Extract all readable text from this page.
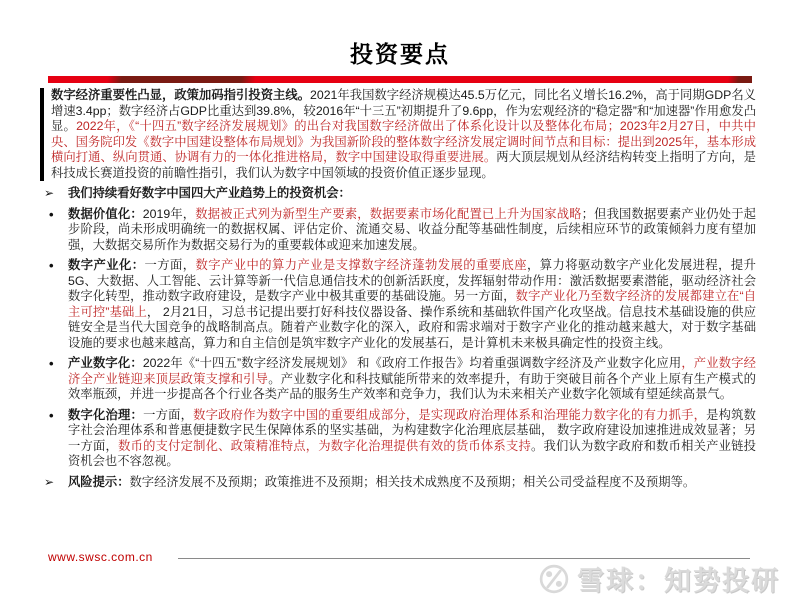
投资要点
数字经济重要性凸显，政策加码指引投资主线。2021年我国数字经济规模达45.5万亿元，同比名义增长16.2%，高于同期GDP名义增速3.4pp；数字经济占GDP比重达到39.8%，较2016年“十三五”初期提升了9.6pp，作为宏观经济的“稳定器”和“加速器”作用愈发凸显。2022年，《“十四五”数字经济发展规划》的出台对我国数字经济做出了体系化设计以及整体化布局；2023年2月27日，中共中央、国务院印发《数字中国建设整体布局规划》为我国新阶段的整体数字经济发展定调时间节点和目标：提出到2025年，基本形成横向打通、纵向贯通、协调有力的一体化推进格局，数字中国建设取得重要进展。两大顶层规划从经济结构转变上指明了方向，是科技成长赛道投资的前瞻性指引，我们认为数字中国领域的投资价值正逐步显现。
➢	我们持续看好数字中国四大产业趋势上的投资机会：
•	数据价值化：2019年，数据被正式列为新型生产要素，数据要素市场化配置已上升为国家战略；但我国数据要素产业仍处于起步阶段，尚未形成明确统一的数据权属、评估定价、流通交易、收益分配等基础性制度，后续相应环节的政策倾斜力度有望加强，大数据交易所作为数据交易行为的重要载体或迎来加速发展。
•	数字产业化：一方面，数字产业中的算力产业是支撑数字经济蓬勃发展的重要底座，算力将驱动数字产业化发展进程，提升5G、大数据、人工智能、云计算等新一代信息通信技术的创新活跃度，发挥辐射带动作用：激活数据要素潜能，驱动经济社会数字化转型，推动数字政府建设，是数字产业中极其重要的基础设施。另一方面，数字产业化乃至数字经济的发展都建立在“自主可控”基础上， 2月21日，习总书记提出要打好科技仪器设备、操作系统和基础软件国产化攻坚战。信息技术基础设施的供应链安全是当代大国竞争的战略制高点。随着产业数字化的深入，政府和需求端对于数字产业化的推动越来越大，对于数字基础设施的要求也越来越高，算力和自主信创是筑牢数字产业化的发展基石，是计算机未来极具确定性的投资主线。
•	产业数字化：2022年《“十四五”数字经济发展规划》 和《政府工作报告》均着重强调数字经济及产业数字化应用，产业数字经济全产业链迎来顶层政策支撑和引导。产业数字化和科技赋能所带来的效率提升，有助于突破目前各个产业上原有生产模式的效率瓶颈，并进一步提高各个行业各类产品的服务生产效率和竞争力，我们认为未来相关产业数字化领域有望延续高景气。
•	数字化治理：一方面，数字政府作为数字中国的重要组成部分，是实现政府治理体系和治理能力数字化的有力抓手，是构筑数字社会治理体系和普惠便捷数字民生保障体系的坚实基础，为构建数字化治理底层基础， 数字政府建设加速推进成效显著；另一方面，数币的支付定制化、政策精准特点，为数字化治理提供有效的货币体系支持。我们认为数字政府和数币相关产业链投资机会也不容忽视。
➢	风险提示：数字经济发展不及预期；政策推进不及预期；相关技术成熟度不及预期；相关公司受益程度不及预期等。
www.swsc.com.cn
雪球：知势投研
